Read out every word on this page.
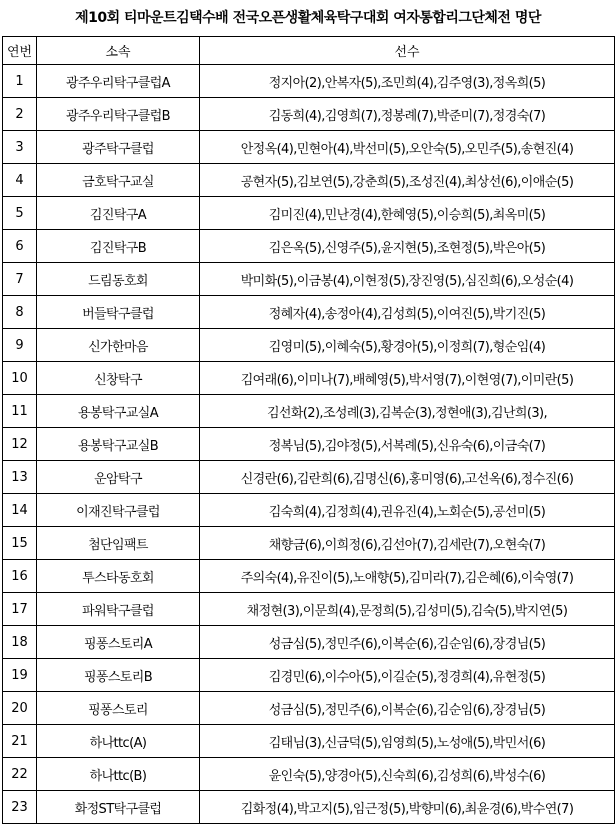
제10회 티마운트김택수배 전국오픈생활체육탁구대회 여자통합리그단체전 명단
연번	소속	선수
1	광주우리탁구클럽A	정지아(2),안복자(5),조민희(4),김주영(3),정옥희(5)
2	광주우리탁구클럽B	김동희(4),김영희(7),정봉례(7),박준미(7),정경숙(7)
3	광주탁구클럽	안정옥(4),민현아(4),박선미(5),오안숙(5),오민주(5),송현진(4)
4	금호탁구교실	공현자(5),김보연(5),강춘희(5),조성진(4),최상선(6),이애순(5)
5	김진탁구A	김미진(4),민난경(4),한혜영(5),이승희(5),최옥미(5)
6	김진탁구B	김은옥(5),신영주(5),윤지현(5),조현정(5),박은아(5)
7	드림동호회	박미화(5),이금봉(4),이현정(5),장진영(5),심진희(6),오성순(4)
8	버들탁구클럽	정혜자(4),송정아(4),김성희(5),이여진(5),박기진(5)
9	신가한마음	김영미(5),이혜숙(5),황경아(5),이정희(7),형순임(4)
10	신창탁구	김여래(6),이미나(7),배혜영(5),박서영(7),이현영(7),이미란(5)
11	용봉탁구교실A	김선화(2),조성례(3),김복순(3),정현애(3),김난희(3),
12	용봉탁구교실B	정복님(5),김야정(5),서복례(5),신유숙(6),이금숙(7)
13	운암탁구	신경란(6),김란희(6),김명신(6),홍미영(6),고선옥(6),정수진(6)
14	이재진탁구클럽	김숙희(4),김정희(4),권유진(4),노회순(5),공선미(5)
15	첨단임팩트	채향금(6),이희정(6),김선아(7),김세란(7),오현숙(7)
16	투스타동호회	주의숙(4),유진이(5),노애향(5),김미라(7),김은혜(6),이숙영(7)
17	파워탁구클럽	채정현(3),이문희(4),문정희(5),김성미(5),김숙(5),박지연(5)
18	핑퐁스토리A	성금심(5),정민주(6),이복순(6),김순임(6),장경님(5)
19	핑퐁스토리B	김경민(6),이수아(5),이길순(5),정경희(4),유현정(5)
20	핑퐁스토리	성금심(5),정민주(6),이복순(6),김순임(6),장경님(5)
21	하나ttc(A)	김태님(3),신금덕(5),임영희(5),노성애(5),박민서(6)
22	하나ttc(B)	윤인숙(5),양경아(5),신숙희(6),김성희(6),박성수(6)
23	화정ST탁구클럽	김화정(4),박고지(5),임근정(5),박향미(6),최윤경(6),박수연(7)
